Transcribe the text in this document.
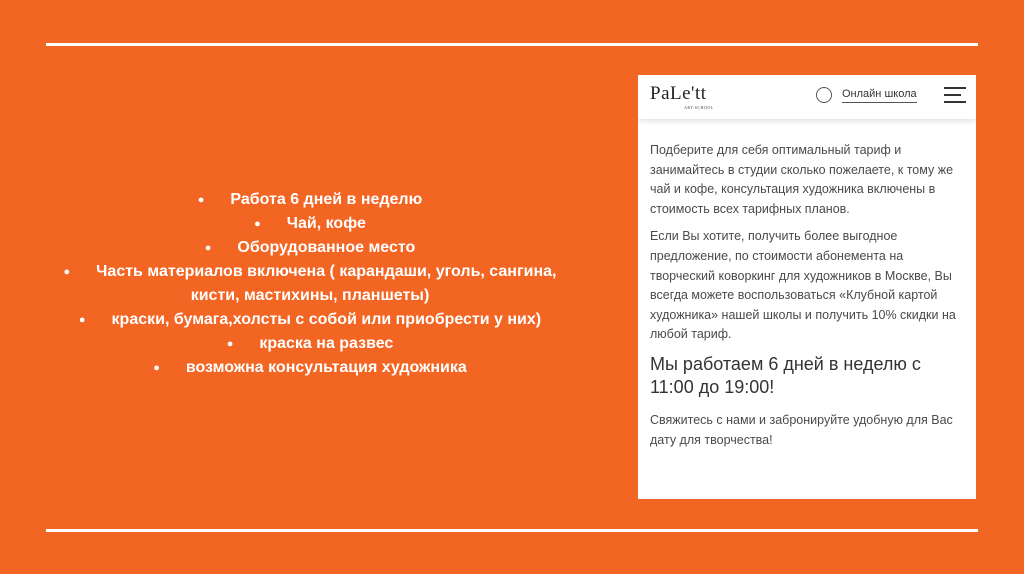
● Работа 6 дней в неделю
● Чай, кофе
● Оборудованное место
● Часть материалов включена ( карандаши, уголь, сангина, кисти, мастихины, планшеты)
● краски, бумага,холсты с собой или приобрести у них)
● краска на развес
● возможна консультация художника
PaLe'tt
ART-SCHOOL
Онлайн школа

Подберите для себя оптимальный тариф и занимайтесь в студии сколько пожелаете, к тому же чай и кофе, консультация художника включены в стоимость всех тарифных планов.

Если Вы хотите, получить более выгодное предложение, по стоимости абонемента на творческий коворкинг для художников в Москве, Вы всегда можете воспользоваться «Клубной картой художника» нашей школы и получить 10% скидки на любой тариф.

Мы работаем 6 дней в неделю с 11:00 до 19:00!

Свяжитесь с нами и забронируйте удобную для Вас дату для творчества!
